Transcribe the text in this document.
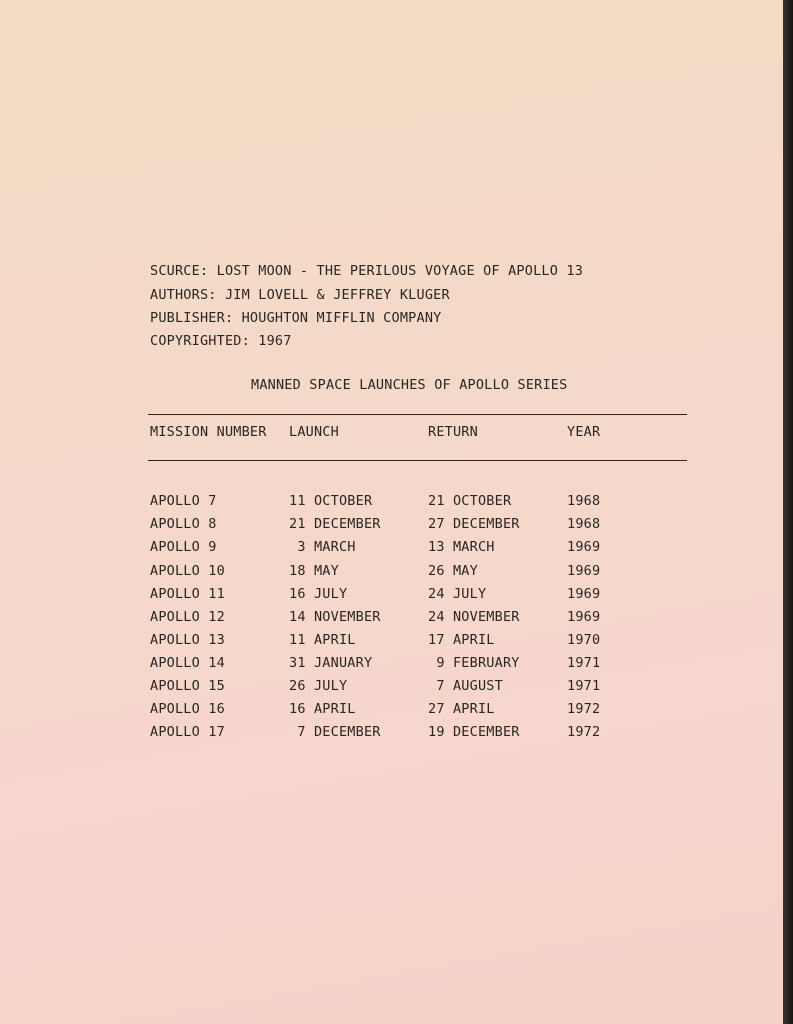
SCURCE: LOST MOON - THE PERILOUS VOYAGE OF APOLLO 13
AUTHORS: JIM LOVELL & JEFFREY KLUGER
PUBLISHER: HOUGHTON MIFFLIN COMPANY
COPYRIGHTED: 1967
MANNED SPACE LAUNCHES OF APOLLO SERIES
MISSION NUMBER LAUNCH	RETURN	YEAR
APOLLO 7	11 OCTOBER	21 OCTOBER	1968
APOLLO 8	21 DECEMBER	27 DECEMBER	1968
APOLLO 9	3 MARCH	13 MARCH	1969
APOLLO 10	18 MAY	26 MAY	1969
APOLLO 11	16 JULY	24 JULY	1969
APOLLO 12	14 NOVEMBER	24 NOVEMBER	1969
APOLLO 13	11 APRIL	17 APRIL	1970
APOLLO 14	31 JANUARY	9 FEBRUARY	1971
APOLLO 15	26 JULY	7 AUGUST	1971
APOLLO 16	16 APRIL	27 APRIL	1972
APOLLO 17	7 DECEMBER	19 DECEMBER	1972
